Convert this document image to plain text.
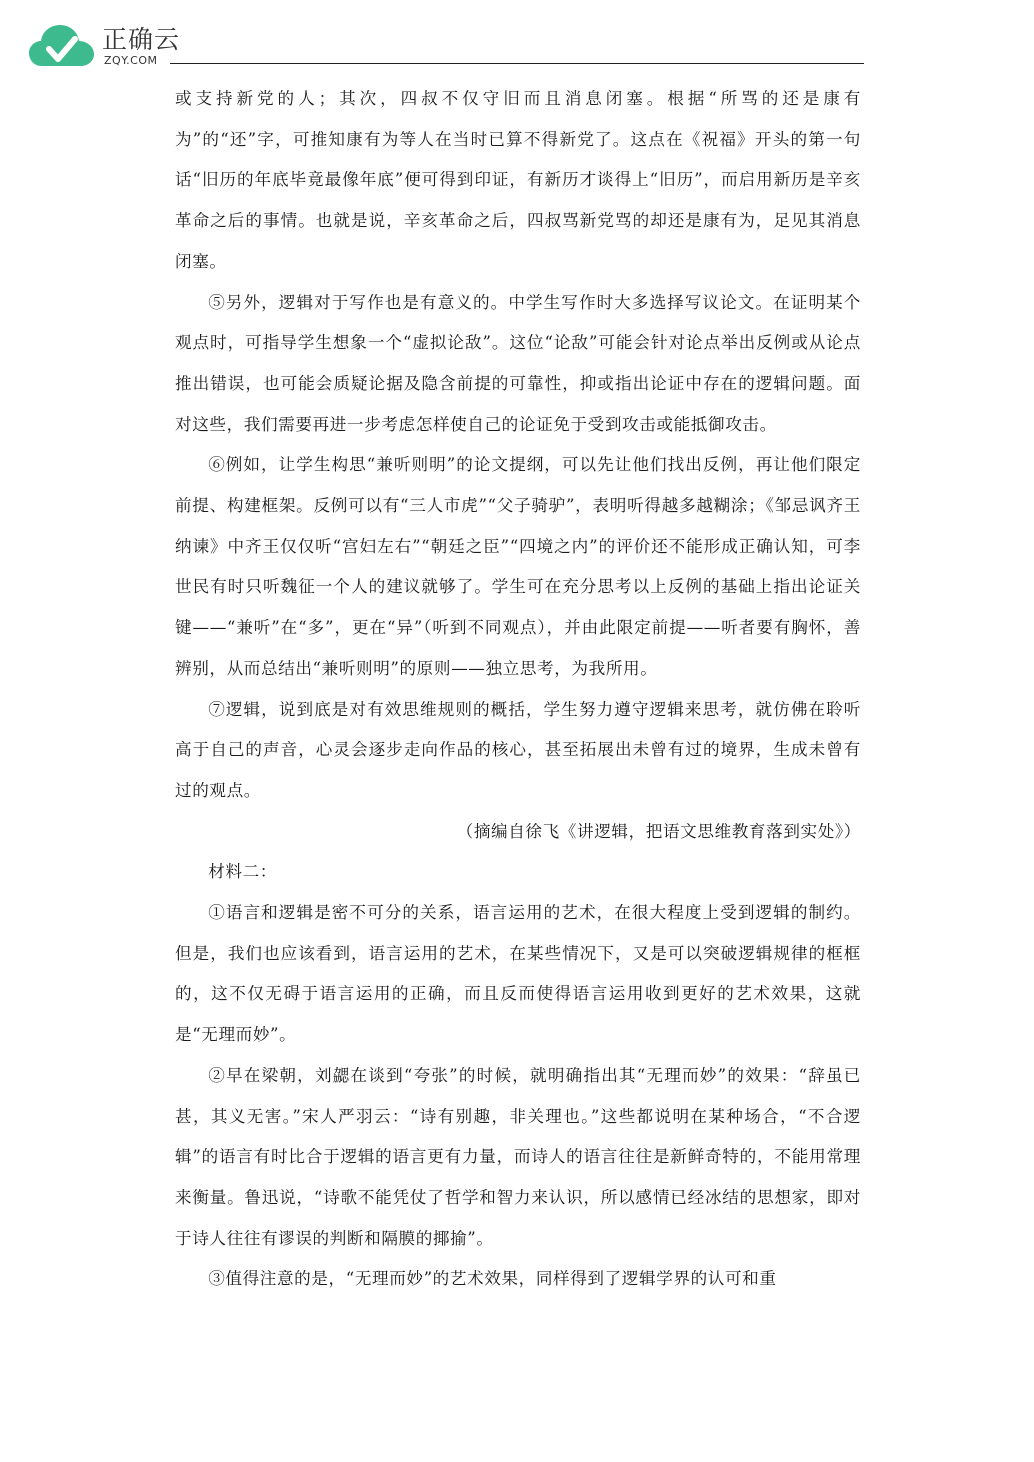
正确云
ZQY.COM

或支持新党的人；其次，四叔不仅守旧而且消息闭塞。根据“所骂的还是康有为”的“还”字，可推知康有为等人在当时已算不得新党了。这点在《祝福》开头的第一句话“旧历的年底毕竟最像年底”便可得到印证，有新历才谈得上“旧历”，而启用新历是辛亥革命之后的事情。也就是说，辛亥革命之后，四叔骂新党骂的却还是康有为，足见其消息闭塞。

⑤另外，逻辑对于写作也是有意义的。中学生写作时大多选择写议论文。在证明某个观点时，可指导学生想象一个“虚拟论敌”。这位“论敌”可能会针对论点举出反例或从论点推出错误，也可能会质疑论据及隐含前提的可靠性，抑或指出论证中存在的逻辑问题。面对这些，我们需要再进一步考虑怎样使自己的论证免于受到攻击或能抵御攻击。

⑥例如，让学生构思“兼听则明”的论文提纲，可以先让他们找出反例，再让他们限定前提、构建框架。反例可以有“三人市虎”“父子骑驴”，表明听得越多越糊涂；《邹忌讽齐王纳谏》中齐王仅仅听“宫妇左右”“朝廷之臣”“四境之内”的评价还不能形成正确认知，可李世民有时只听魏征一个人的建议就够了。学生可在充分思考以上反例的基础上指出论证关键——“兼听”在“多”，更在“异”（听到不同观点），并由此限定前提——听者要有胸怀，善辨别，从而总结出“兼听则明”的原则——独立思考，为我所用。

⑦逻辑，说到底是对有效思维规则的概括，学生努力遵守逻辑来思考，就仿佛在聆听高于自己的声音，心灵会逐步走向作品的核心，甚至拓展出未曾有过的境界，生成未曾有过的观点。

（摘编自徐飞《讲逻辑，把语文思维教育落到实处》）

材料二：

①语言和逻辑是密不可分的关系，语言运用的艺术，在很大程度上受到逻辑的制约。但是，我们也应该看到，语言运用的艺术，在某些情况下，又是可以突破逻辑规律的框框的，这不仅无碍于语言运用的正确，而且反而使得语言运用收到更好的艺术效果，这就是“无理而妙”。

②早在梁朝，刘勰在谈到“夸张”的时候，就明确指出其“无理而妙”的效果：“辞虽已甚，其义无害。”宋人严羽云：“诗有别趣，非关理也。”这些都说明在某种场合，“不合逻辑”的语言有时比合于逻辑的语言更有力量，而诗人的语言往往是新鲜奇特的，不能用常理来衡量。鲁迅说，“诗歌不能凭仗了哲学和智力来认识，所以感情已经冰结的思想家，即对于诗人往往有谬误的判断和隔膜的揶揄”。

③值得注意的是，“无理而妙”的艺术效果，同样得到了逻辑学界的认可和重
